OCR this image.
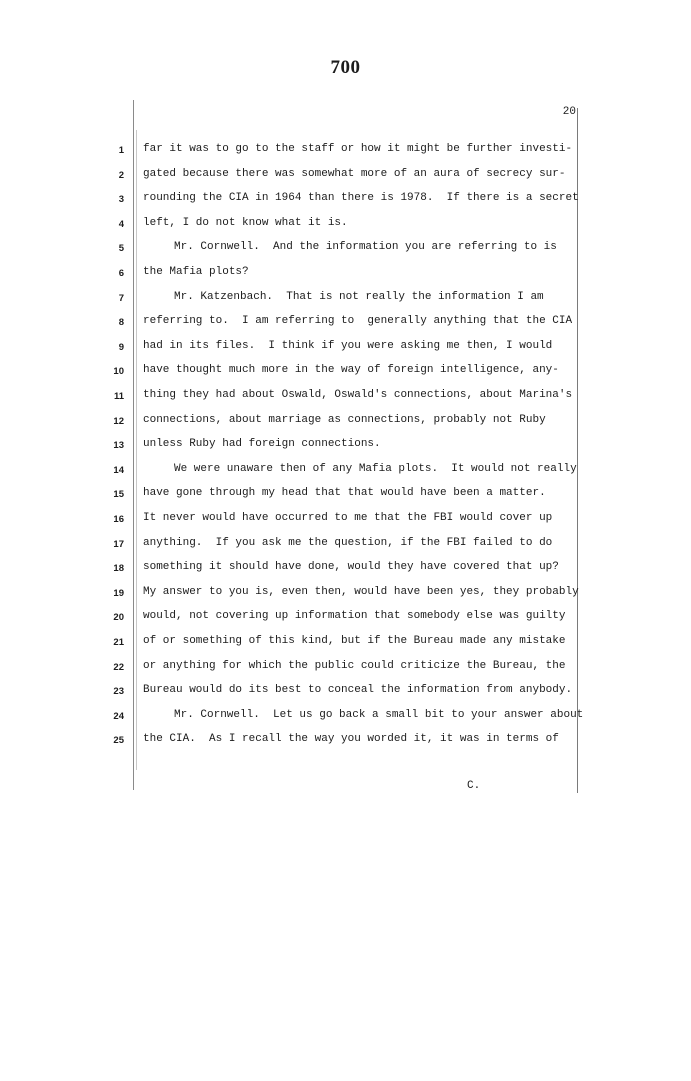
700
20
1 far it was to go to the staff or how it might be further investi-
2 gated because there was somewhat more of an aura of secrecy sur-
3 rounding the CIA in 1964 than there is 1978.  If there is a secret
4 left, I do not know what it is.
5	Mr. Cornwell.  And the information you are referring to is
6 the Mafia plots?
7	Mr. Katzenbach.  That is not really the information I am
8 referring to.  I am referring to  generally anything that the CIA
9 had in its files.  I think if you were asking me then, I would
10 have thought much more in the way of foreign intelligence, any-
11 thing they had about Oswald, Oswald's connections, about Marina's
12 connections, about marriage as connections, probably not Ruby
13 unless Ruby had foreign connections.
14	We were unaware then of any Mafia plots.  It would not really
15 have gone through my head that that would have been a matter.
16 It never would have occurred to me that the FBI would cover up
17 anything.  If you ask me the question, if the FBI failed to do
18 something it should have done, would they have covered that up?
19 My answer to you is, even then, would have been yes, they probably
20 would, not covering up information that somebody else was guilty
21 of or something of this kind, but if the Bureau made any mistake
22 or anything for which the public could criticize the Bureau, the
23 Bureau would do its best to conceal the information from anybody.
24	Mr. Cornwell.  Let us go back a small bit to your answer about
25 the CIA.  As I recall the way you worded it, it was in terms of
C.
